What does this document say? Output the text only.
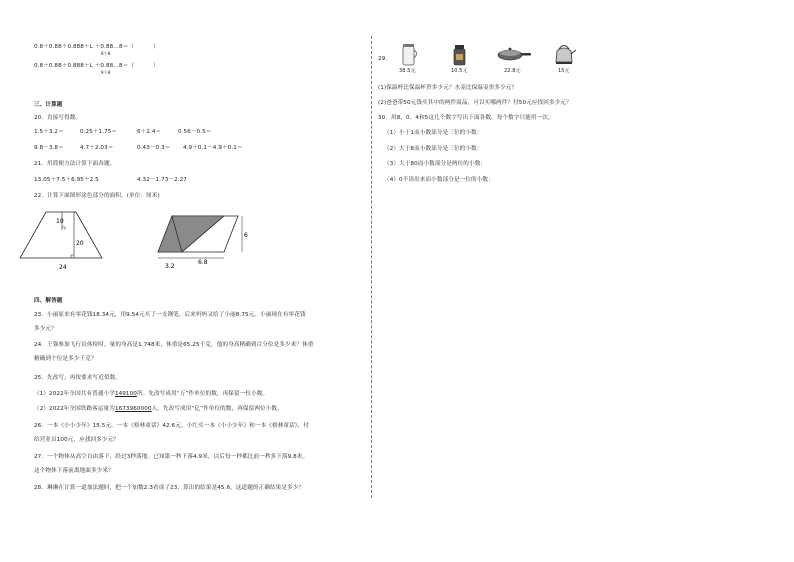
0.8＋0.88＋0.888＋L ＋0.88…8＝（ 　　　）
8个8
0.8＋0.88＋0.888＋L ＋0.88…8＝（ 　　　）
9个8
三、计算题
20．直接写得数。
1.5＋3.2＝	0.25＋1.75＝	6＋2.4＝	0.56－0.5＝
9.8－3.8＝	4.7＋2.03＝	0.43－0.3＝ 4.9＋0.1－4.9＋0.1＝
21．用简便方法计算下面各题。
13.05＋7.5＋6.95＋2.5	4.32－1.73－2.27
22．计算下面图形涂色部分的面积。(单位：厘米)
10
20
24
6
3.2
6.8
四、解答题
23．小丽原来有零花钱18.34元，用9.54元买了一支钢笔，后来妈妈又给了小丽8.75元。小丽现在有零花钱
多少元？
24．王强参加飞行员体检时，量的身高是1.748米，体重是65.25千克。他的身高精确到百分位是多少米？体重
精确到个位是多少千克？
25．先改写，再按要求写近似数。
（1）2022年全国共有普通小学149100所。先改写成用“万”作单位的数，再保留一位小数。
（2）2022年全国铁路客运量为1673960000人。先改写成用“亿”作单位的数，再保留两位小数。
26．一本《小小少年》15.5元，一本《格林童话》42.6元。小红买一本《小小少年》和一本《格林童话》，付
给营业员100元，应找回多少元？
27．一个物体从高空自由落下，经过3秒落地。已知第一秒下落4.9米，以后每一秒都比前一秒多下落9.8米。
这个物体下落前离地面多少米？
28．琳琳在计算一道加法题时，把一个加数2.3看成了23，算出的结果是45.6，这道题的正确结果是多少？
29．
38.5元	10.5元	22.8元	15元
(1)保温杯比保温杯贵多少元？水壶比保温壶贵多少元？
(2)爸爸带50元钱买其中的两件商品，可以买哪两件？付50元应找回多少元？
30．用8、0、4和5这几个数字写出下面各数，每个数字只能用一次。
（1）小于1而小数部分是三位的小数：
（2）大于8而小数部分是三位的小数：
（3）大于80而小数部分是两位的小数：
（4）0不读出来而小数部分是一位的小数：
